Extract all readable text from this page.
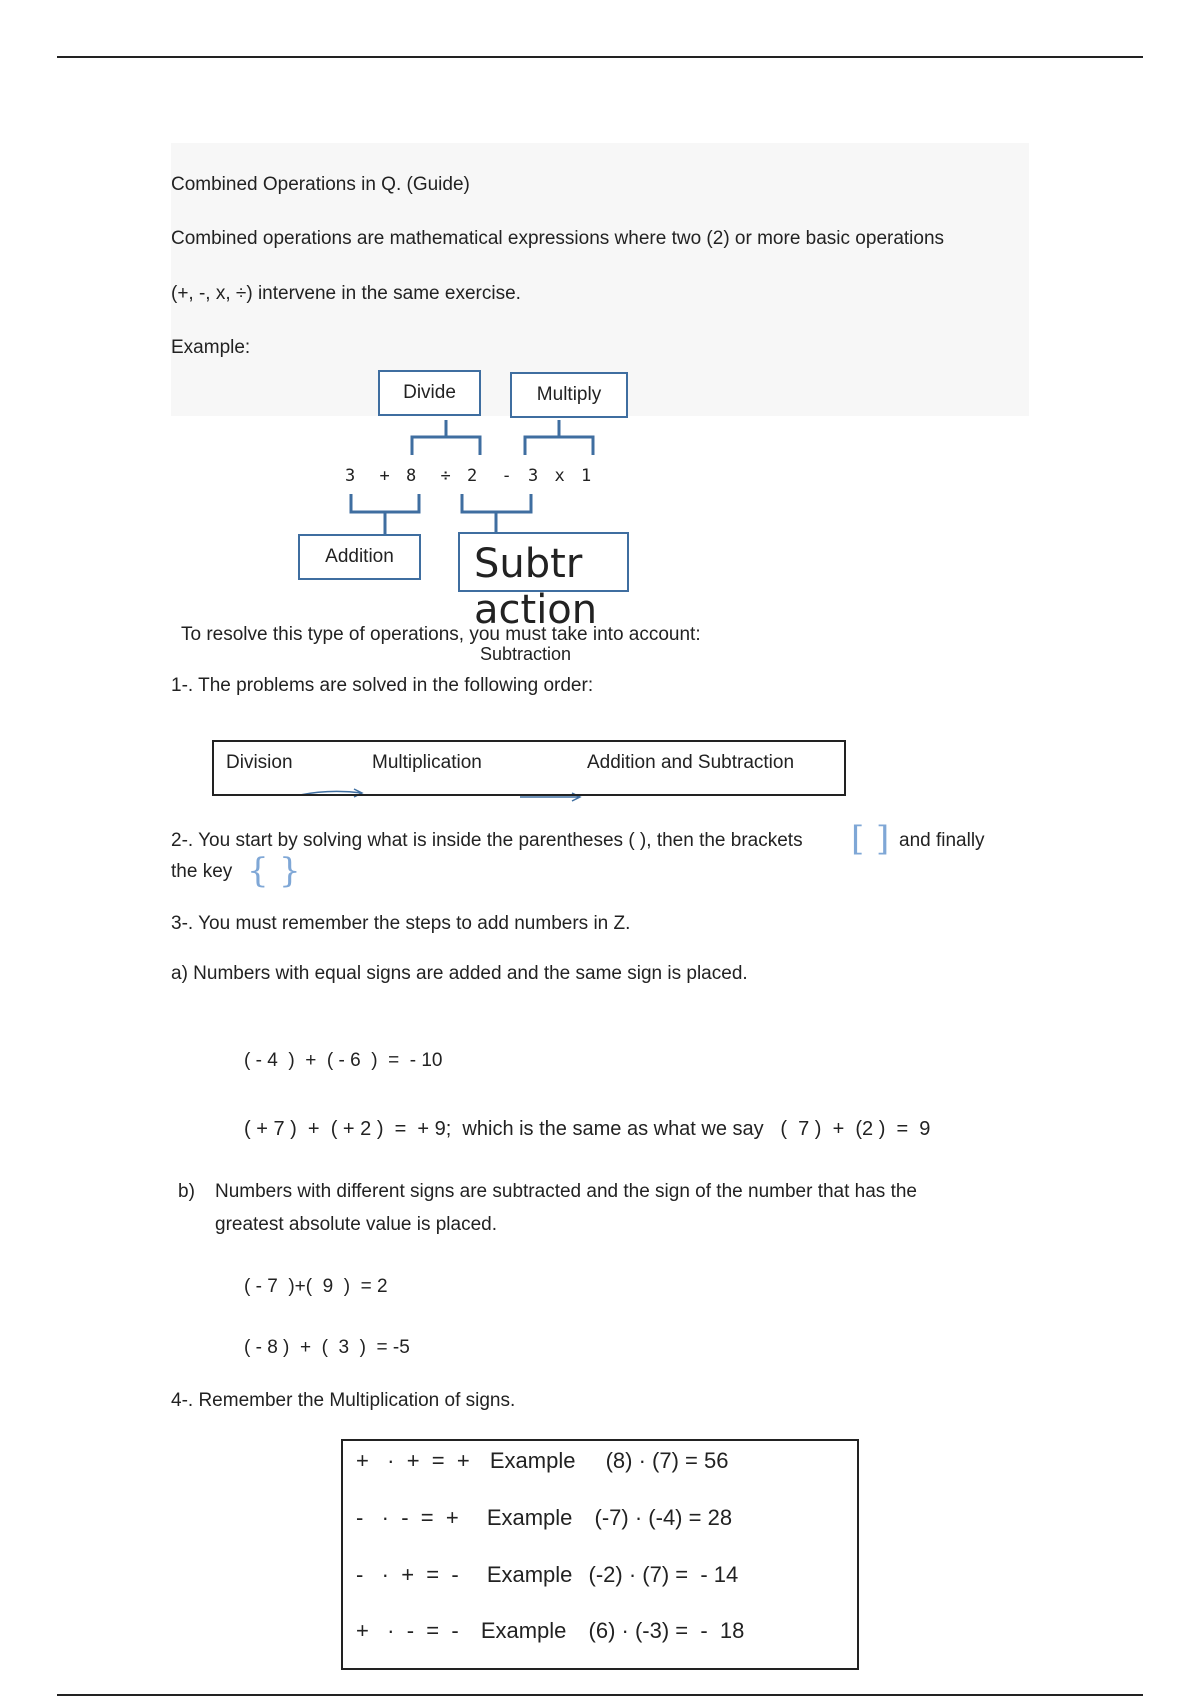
Combined Operations in Q. (Guide)
Combined operations are mathematical expressions where two (2) or more basic operations
(+, -, x, ÷) intervene in the same exercise.
Example:
Divide	Multiply
3 + 8 ÷ 2 - 3 x 1
Addition	Subtr
action
To resolve this type of operations, you must take into account:
Subtraction
1-. The problems are solved in the following order:
Division	Multiplication	Addition and Subtraction
2-. You start by solving what is inside the parentheses ( ), then the brackets [ ] and finally
the key { }
3-. You must remember the steps to add numbers in Z.
a) Numbers with equal signs are added and the same sign is placed.
( - 4  )  +  ( - 6  )  =  - 10
( + 7 )  +  ( + 2 )  =  + 9;  which is the same as what we say   (  7 )  +  (2 )  =  9
b) Numbers with different signs are subtracted and the sign of the number that has the
greatest absolute value is placed.
( - 7  )+(  9  )  = 2
( - 8 )  +  (  3  )  = -5
4-. Remember the Multiplication of signs.
+   ·  +  =  + Example (8) · (7) = 56
-   ·  -  =  + Example (-7) · (-4) = 28
-   ·  +  =  - Example (-2) · (7) =  - 14
+   ·  -  =  - Example (6) · (-3) =  -  18
